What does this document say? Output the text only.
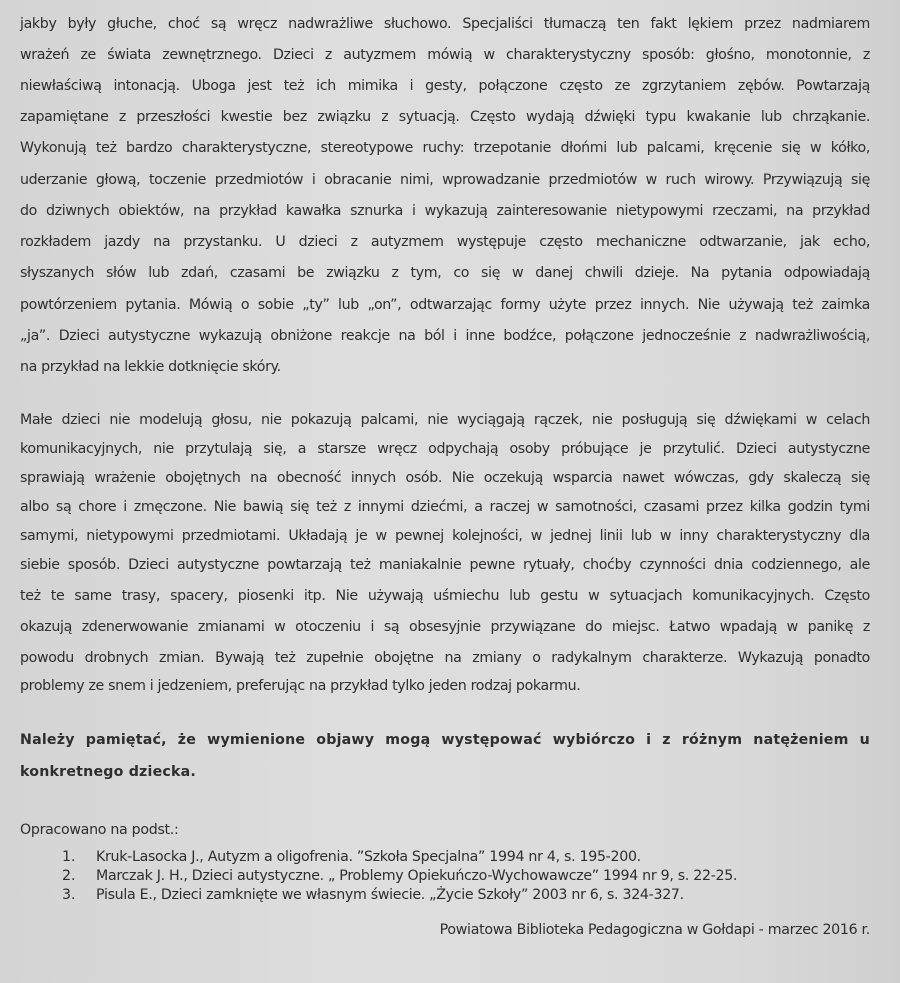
jakby były głuche, choć są wręcz nadwrażliwe słuchowo. Specjaliści tłumaczą ten fakt lękiem przez nadmiarem
wrażeń ze świata zewnętrznego. Dzieci z autyzmem mówią w charakterystyczny sposób: głośno, monotonnie, z
niewłaściwą intonacją. Uboga jest też ich mimika i gesty, połączone często ze zgrzytaniem zębów. Powtarzają
zapamiętane z przeszłości kwestie bez związku z sytuacją. Często wydają dźwięki typu kwakanie lub chrząkanie.
Wykonują też bardzo charakterystyczne, stereotypowe ruchy: trzepotanie dłońmi lub palcami, kręcenie się w kółko,
uderzanie głową, toczenie przedmiotów i obracanie nimi, wprowadzanie przedmiotów w ruch wirowy. Przywiązują się
do dziwnych obiektów, na przykład kawałka sznurka i wykazują zainteresowanie nietypowymi rzeczami, na przykład
rozkładem jazdy na przystanku. U dzieci z autyzmem występuje często mechaniczne odtwarzanie, jak echo,
słyszanych słów lub zdań, czasami be związku z tym, co się w danej chwili dzieje. Na pytania odpowiadają
powtórzeniem pytania. Mówią o sobie „ty” lub „on”, odtwarzając formy użyte przez innych. Nie używają też zaimka
„ja”. Dzieci autystyczne wykazują obniżone reakcje na ból i inne bodźce, połączone jednocześnie z nadwrażliwością,
na przykład na lekkie dotknięcie skóry.
Małe dzieci nie modelują głosu, nie pokazują palcami, nie wyciągają rączek, nie posługują się dźwiękami w celach
komunikacyjnych, nie przytulają się, a starsze wręcz odpychają osoby próbujące je przytulić. Dzieci autystyczne
sprawiają wrażenie obojętnych na obecność innych osób. Nie oczekują wsparcia nawet wówczas, gdy skaleczą się
albo są chore i zmęczone. Nie bawią się też z innymi dziećmi, a raczej w samotności, czasami przez kilka godzin tymi
samymi, nietypowymi przedmiotami. Układają je w pewnej kolejności, w jednej linii lub w inny charakterystyczny dla
siebie sposób. Dzieci autystyczne powtarzają też maniakalnie pewne rytuały, choćby czynności dnia codziennego, ale
też te same trasy, spacery, piosenki itp. Nie używają uśmiechu lub gestu w sytuacjach komunikacyjnych. Często
okazują zdenerwowanie zmianami w otoczeniu i są obsesyjnie przywiązane do miejsc. Łatwo wpadają w panikę z
powodu drobnych zmian. Bywają też zupełnie obojętne na zmiany o radykalnym charakterze. Wykazują ponadto
problemy ze snem i jedzeniem, preferując na przykład tylko jeden rodzaj pokarmu.
Należy pamiętać, że wymienione objawy mogą występować wybiórczo i z różnym natężeniem u
konkretnego dziecka.
Opracowano na podst.:
1. Kruk-Lasocka J., Autyzm a oligofrenia. ”Szkoła Specjalna” 1994 nr 4, s. 195-200.
2. Marczak J. H., Dzieci autystyczne. „ Problemy Opiekuńczo-Wychowawcze” 1994 nr 9, s. 22-25.
3. Pisula E., Dzieci zamknięte we własnym świecie. „Życie Szkoły” 2003 nr 6, s. 324-327.
Powiatowa Biblioteka Pedagogiczna w Gołdapi - marzec 2016 r.
